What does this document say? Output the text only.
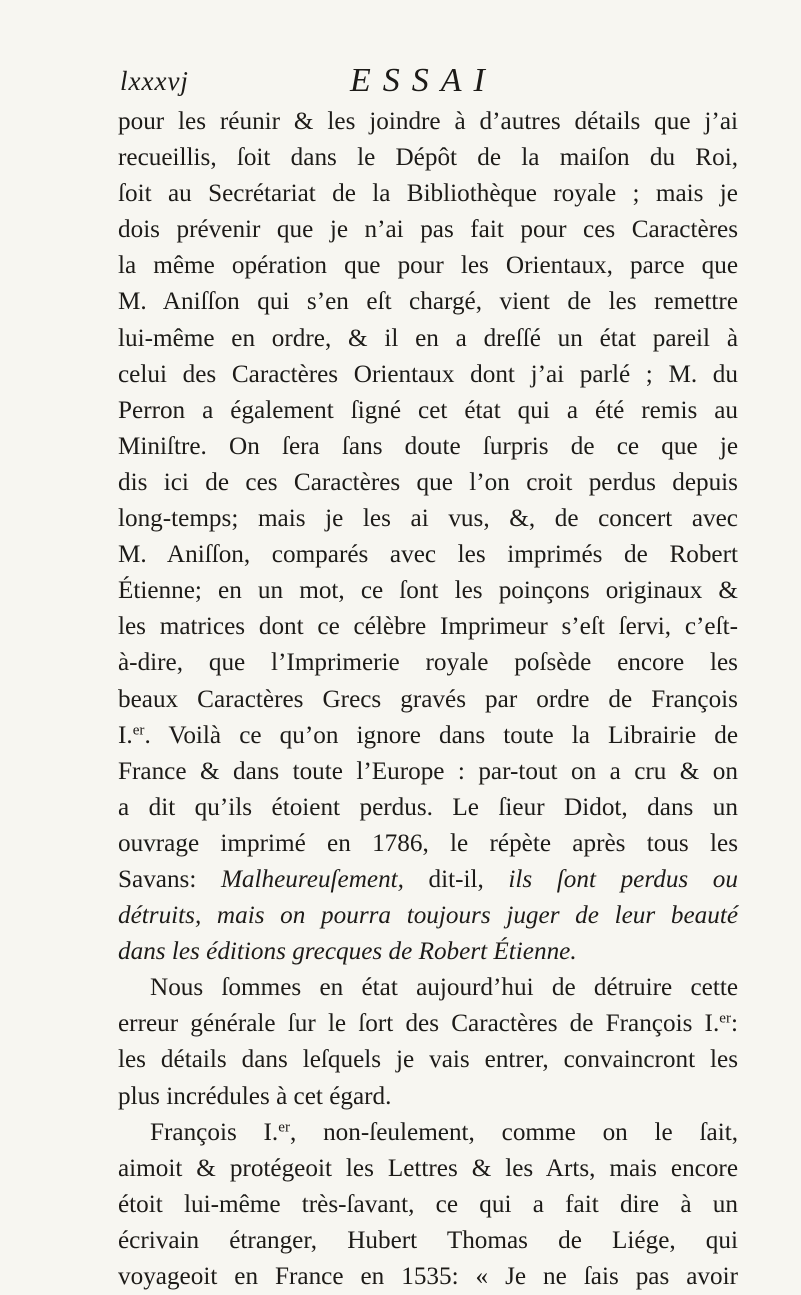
lxxxvj	ESSAI
pour les réunir & les joindre à d’autres détails que j’ai
recueillis, ſoit dans le Dépôt de la maiſon du Roi,
ſoit au Secrétariat de la Bibliothèque royale ; mais je
dois prévenir que je n’ai pas fait pour ces Caractères
la même opération que pour les Orientaux, parce que
M. Aniſſon qui s’en eſt chargé, vient de les remettre
lui-même en ordre, & il en a dreſſé un état pareil à
celui des Caractères Orientaux dont j’ai parlé ; M. du
Perron a également ſigné cet état qui a été remis au
Miniſtre. On ſera ſans doute ſurpris de ce que je
dis ici de ces Caractères que l’on croit perdus depuis
long-temps; mais je les ai vus, &, de concert avec
M. Aniſſon, comparés avec les imprimés de Robert
Étienne; en un mot, ce ſont les poinçons originaux &
les matrices dont ce célèbre Imprimeur s’eſt ſervi, c’eſt-
à-dire, que l’Imprimerie royale poſsède encore les
beaux Caractères Grecs gravés par ordre de François
I.$^{er}$. Voilà ce qu’on ignore dans toute la Librairie de
France & dans toute l’Europe : par-tout on a cru & on
a dit qu’ils étoient perdus. Le ſieur Didot, dans un
ouvrage imprimé en 1786, le répète après tous les
Savans: Malheureuſement, dit-il, ils ſont perdus ou
détruits, mais on pourra toujours juger de leur beauté
dans les éditions grecques de Robert Étienne.
Nous ſommes en état aujourd’hui de détruire cette
erreur générale ſur le ſort des Caractères de François I.$^{er}$:
les détails dans leſquels je vais entrer, convaincront les
plus incrédules à cet égard.
François I.$^{er}$, non-ſeulement, comme on le ſait,
aimoit & protégeoit les Lettres & les Arts, mais encore
étoit lui-même très-ſavant, ce qui a fait dire à un
écrivain étranger, Hubert Thomas de Liége, qui
voyageoit en France en 1535: « Je ne ſais pas avoir
